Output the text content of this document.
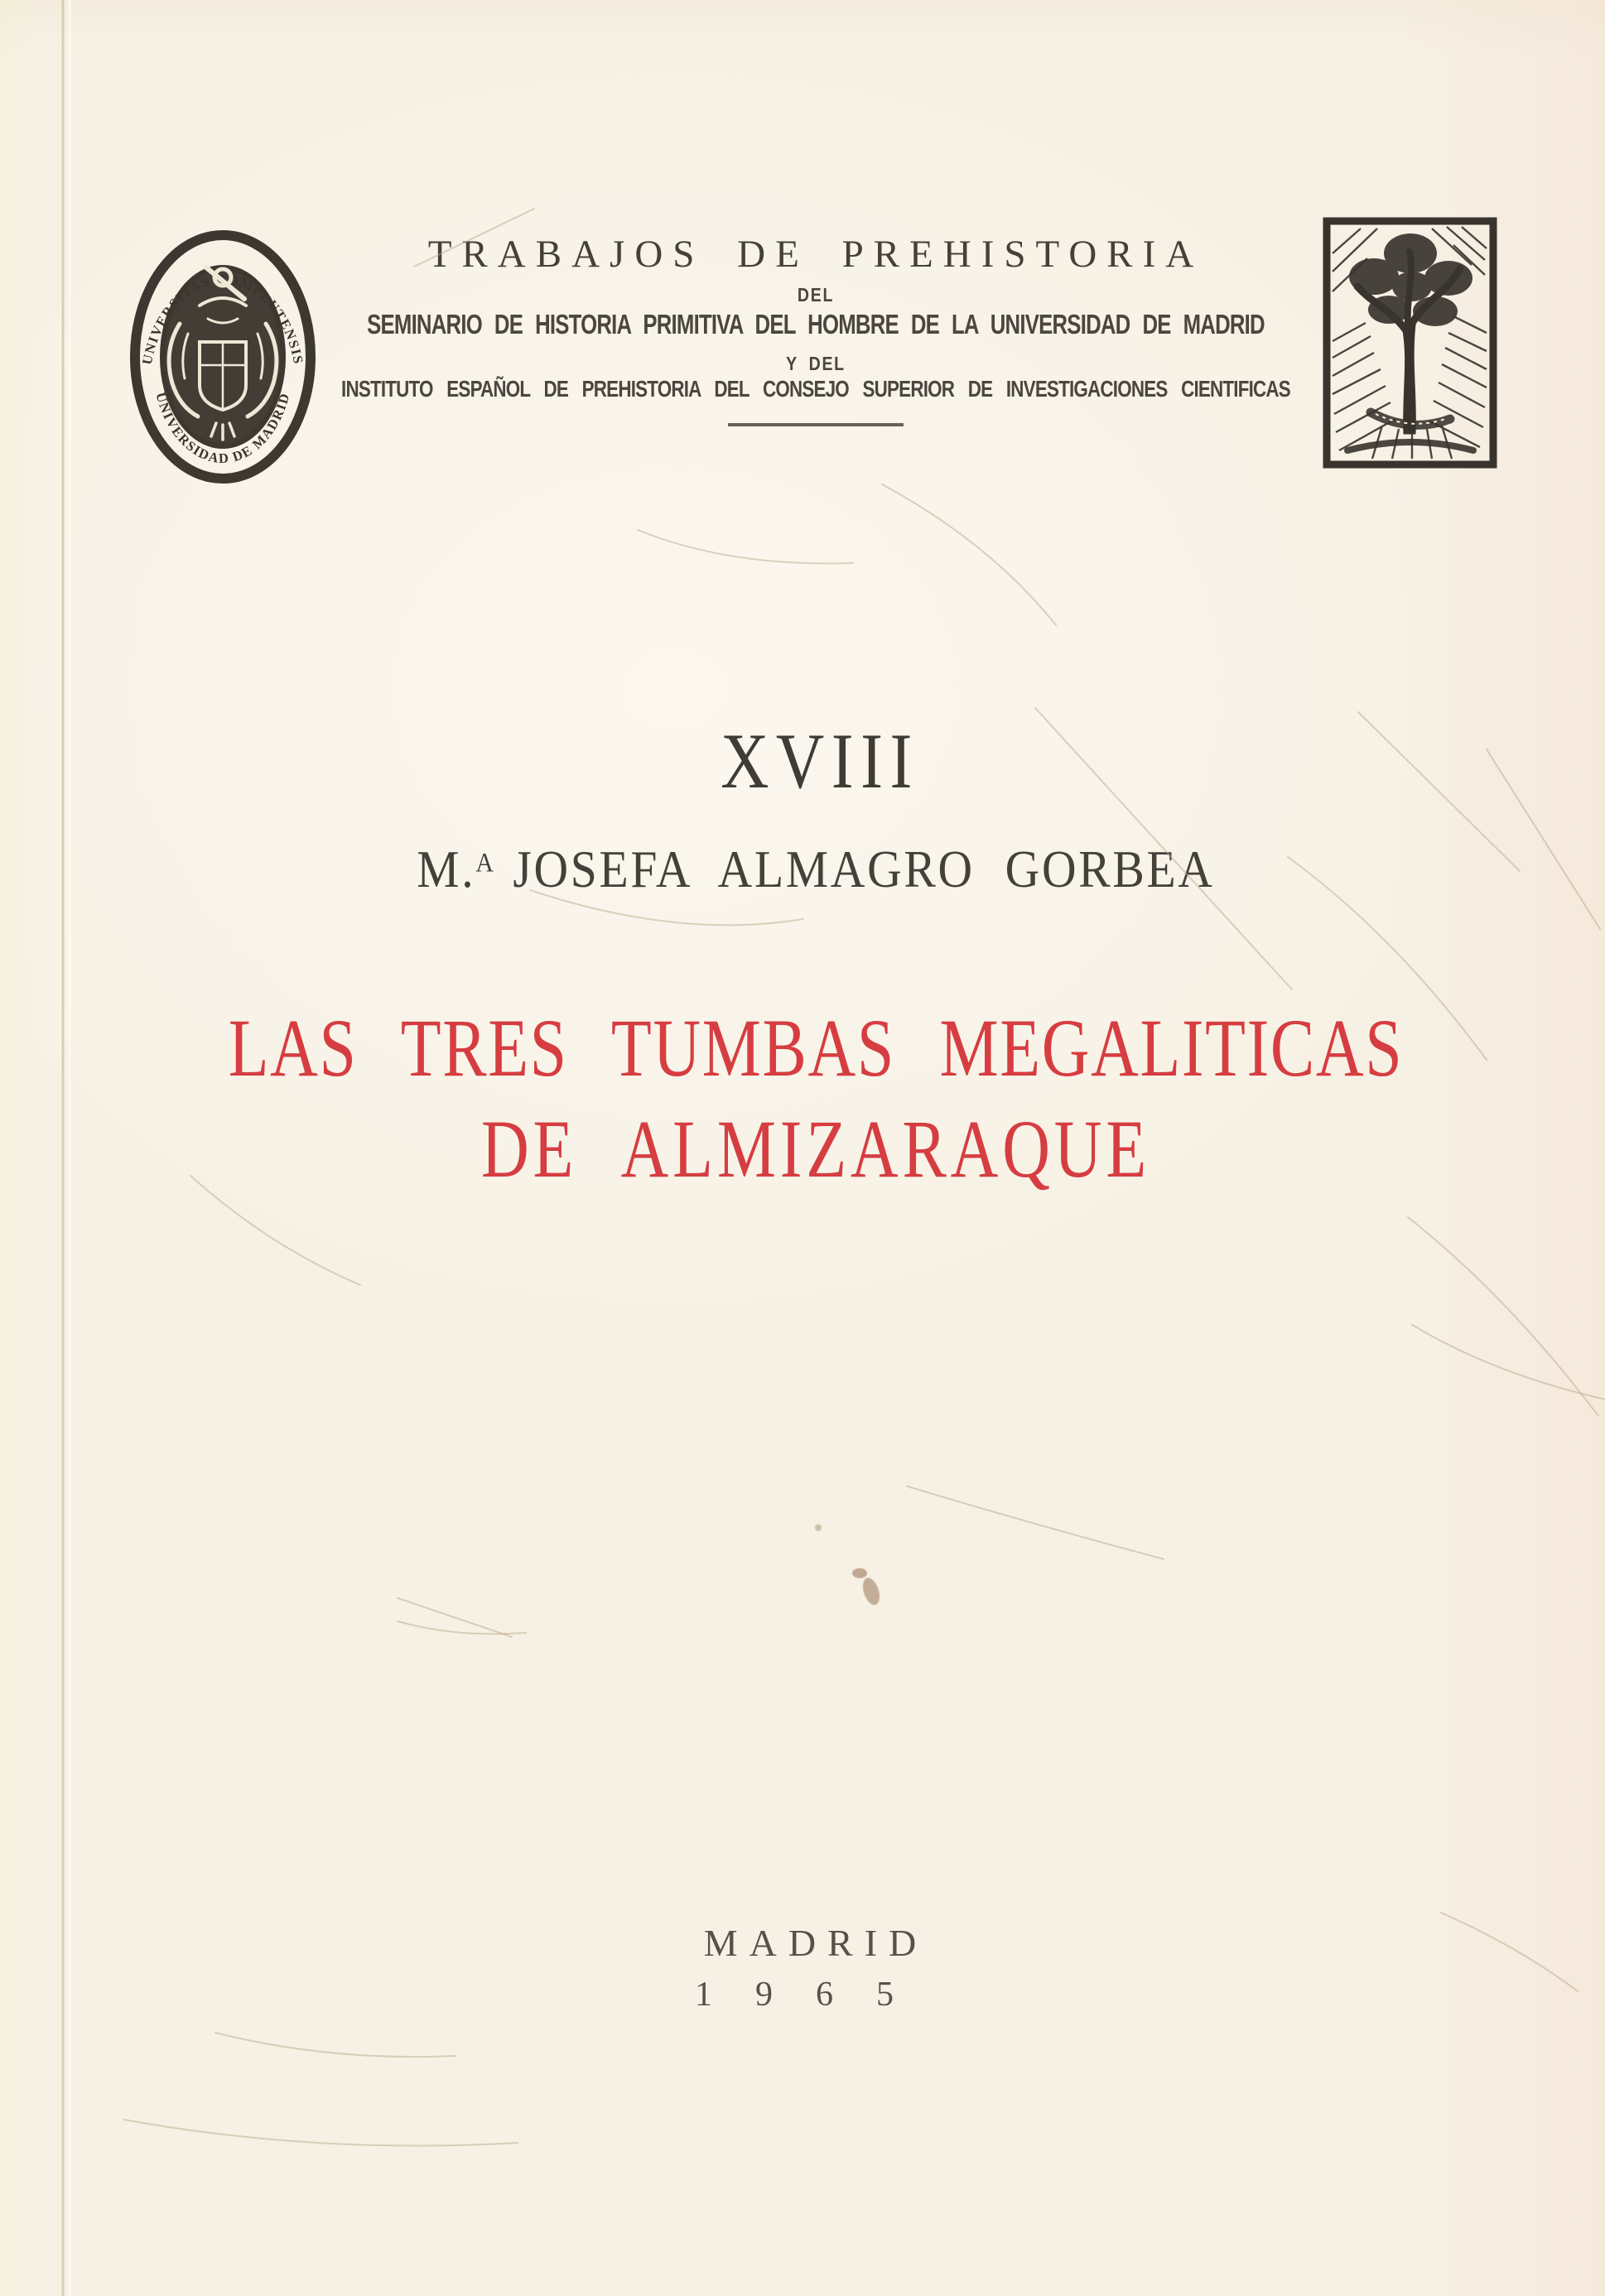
UNIVERSITAS COMPLUTENSIS
UNIVERSIDAD DE MADRID
TRABAJOS DE PREHISTORIA
DEL
SEMINARIO DE HISTORIA PRIMITIVA DEL HOMBRE DE LA UNIVERSIDAD DE MADRID
Y DEL
INSTITUTO ESPAÑOL DE PREHISTORIA DEL CONSEJO SUPERIOR DE INVESTIGACIONES CIENTIFICAS
XVIII
M.$^A$ JOSEFA ALMAGRO GORBEA
LAS TRES TUMBAS MEGALITICAS
DE ALMIZARAQUE
MADRID
1965
